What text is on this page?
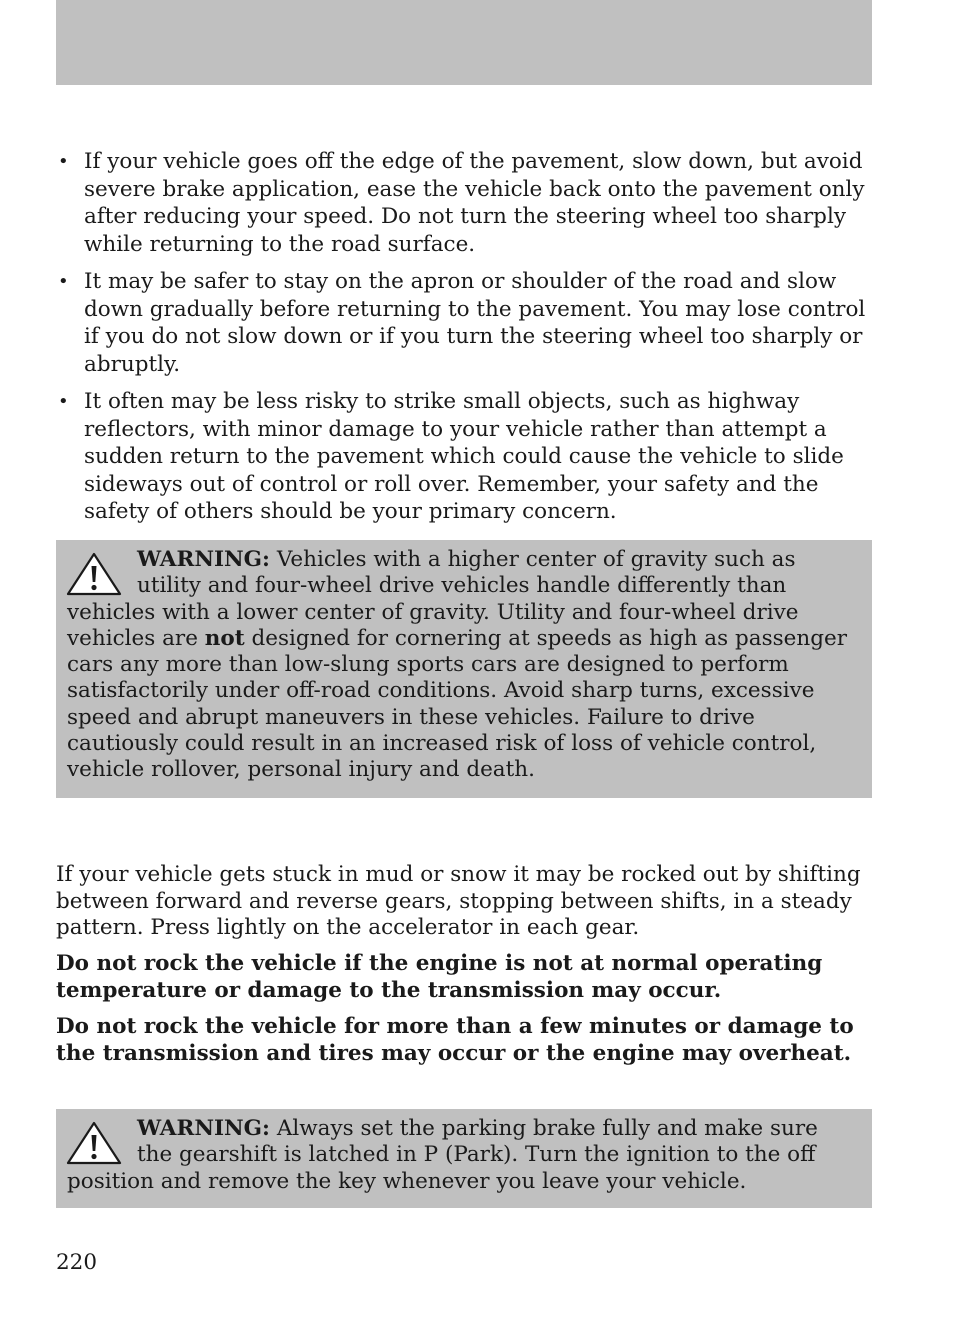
• If your vehicle goes off the edge of the pavement, slow down, but avoid severe brake application, ease the vehicle back onto the pavement only after reducing your speed. Do not turn the steering wheel too sharply while returning to the road surface.
• It may be safer to stay on the apron or shoulder of the road and slow down gradually before returning to the pavement. You may lose control if you do not slow down or if you turn the steering wheel too sharply or abruptly.
• It often may be less risky to strike small objects, such as highway reflectors, with minor damage to your vehicle rather than attempt a sudden return to the pavement which could cause the vehicle to slide sideways out of control or roll over. Remember, your safety and the safety of others should be your primary concern.
WARNING: Vehicles with a higher center of gravity such as utility and four-wheel drive vehicles handle differently than vehicles with a lower center of gravity. Utility and four-wheel drive vehicles are not designed for cornering at speeds as high as passenger cars any more than low-slung sports cars are designed to perform satisfactorily under off-road conditions. Avoid sharp turns, excessive speed and abrupt maneuvers in these vehicles. Failure to drive cautiously could result in an increased risk of loss of vehicle control, vehicle rollover, personal injury and death.

If your vehicle gets stuck in mud or snow it may be rocked out by shifting between forward and reverse gears, stopping between shifts, in a steady pattern. Press lightly on the accelerator in each gear.

Do not rock the vehicle if the engine is not at normal operating temperature or damage to the transmission may occur.

Do not rock the vehicle for more than a few minutes or damage to the transmission and tires may occur or the engine may overheat.

WARNING: Always set the parking brake fully and make sure the gearshift is latched in P (Park). Turn the ignition to the off position and remove the key whenever you leave your vehicle.
220
